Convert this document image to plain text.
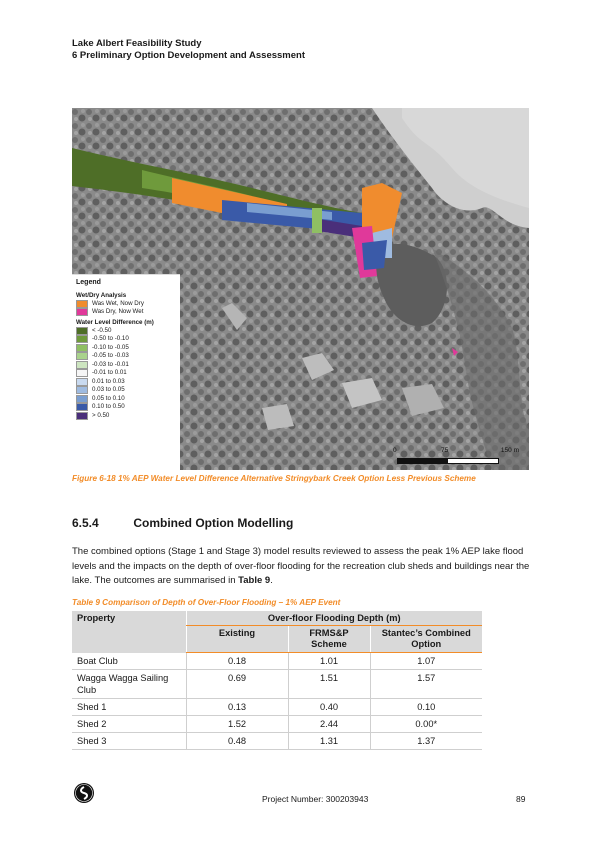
Lake Albert Feasibility Study
6 Preliminary Option Development and Assessment
Legend
Wet/Dry Analysis
Was Wet, Now Dry
Was Dry, Now Wet
Water Level Difference (m)
< -0.50
-0.50 to -0.10
-0.10 to -0.05
-0.05 to -0.03
-0.03 to -0.01
-0.01 to 0.01
0.01 to 0.03
0.03 to 0.05
0.05 to 0.10
0.10 to 0.50
> 0.50
0	75	150 m
Figure 6-18 1% AEP Water Level Difference Alternative Stringybark Creek Option Less Previous Scheme
6.5.4	Combined Option Modelling
The combined options (Stage 1 and Stage 3) model results reviewed to assess the peak 1% AEP lake flood levels and the impacts on the depth of over-floor flooding for the recreation club sheds and buildings near the lake. The outcomes are summarised in Table 9.
Table 9 Comparison of Depth of Over-Floor Flooding – 1% AEP Event
Property	Over-floor Flooding Depth (m)		
	Existing	FRMS&P Scheme	Stantec’s Combined Option
Boat Club	0.18	1.01	1.07
Wagga Wagga Sailing Club	0.69	1.51	1.57
Shed 1	0.13	0.40	0.10
Shed 2	1.52	2.44	0.00*
Shed 3	0.48	1.31	1.37
Project Number: 300203943	89
